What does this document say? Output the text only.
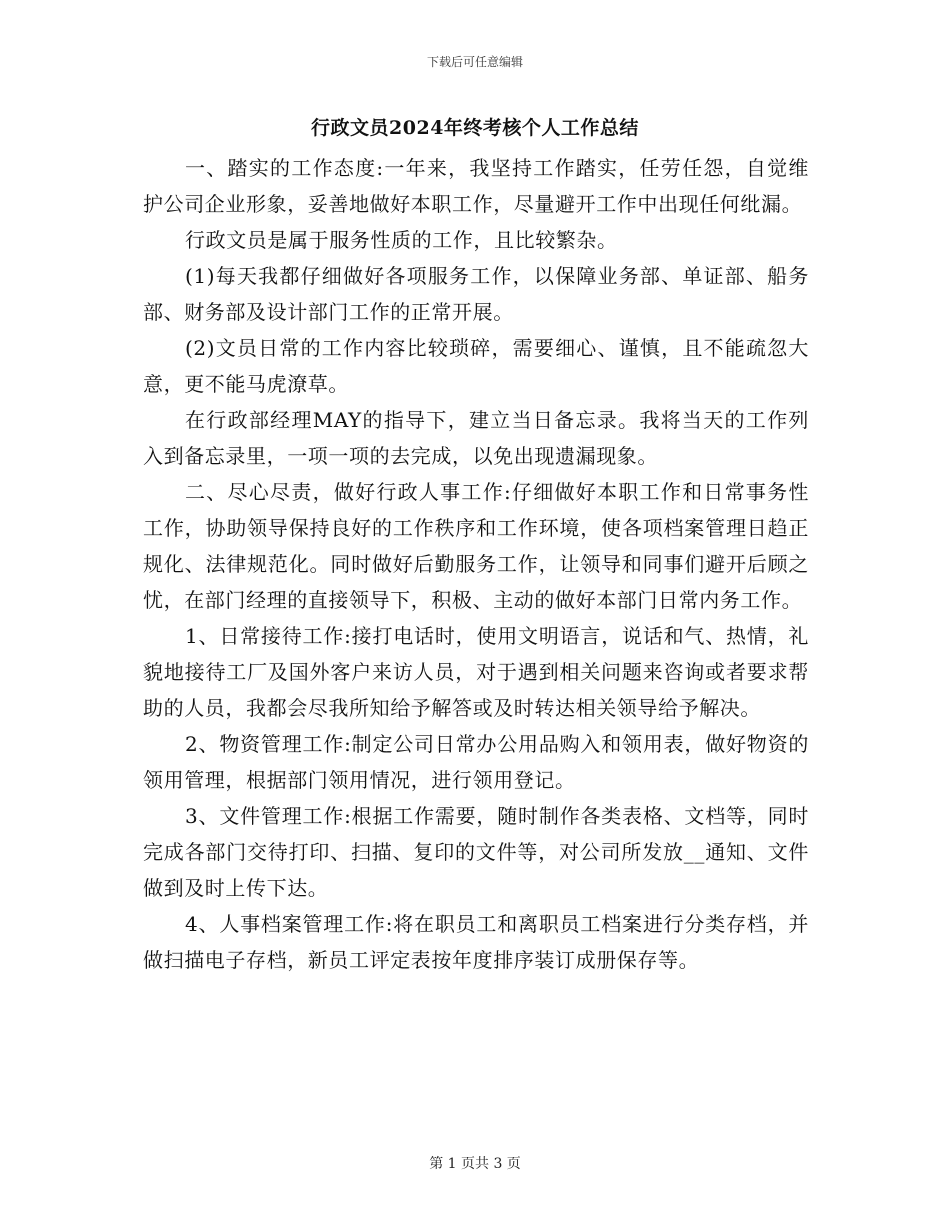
下载后可任意编辑
行政文员2024年终考核个人工作总结

一、踏实的工作态度:一年来，我坚持工作踏实，任劳任怨，自觉维护公司企业形象，妥善地做好本职工作，尽量避开工作中出现任何纰漏。

行政文员是属于服务性质的工作，且比较繁杂。

(1)每天我都仔细做好各项服务工作，以保障业务部、单证部、船务部、财务部及设计部门工作的正常开展。

(2)文员日常的工作内容比较琐碎，需要细心、谨慎，且不能疏忽大意，更不能马虎潦草。

在行政部经理MAY的指导下，建立当日备忘录。我将当天的工作列入到备忘录里，一项一项的去完成，以免出现遗漏现象。

二、尽心尽责，做好行政人事工作:仔细做好本职工作和日常事务性工作，协助领导保持良好的工作秩序和工作环境，使各项档案管理日趋正规化、法律规范化。同时做好后勤服务工作，让领导和同事们避开后顾之忧，在部门经理的直接领导下，积极、主动的做好本部门日常内务工作。

1、日常接待工作:接打电话时，使用文明语言，说话和气、热情，礼貌地接待工厂及国外客户来访人员，对于遇到相关问题来咨询或者要求帮助的人员，我都会尽我所知给予解答或及时转达相关领导给予解决。

2、物资管理工作:制定公司日常办公用品购入和领用表，做好物资的领用管理，根据部门领用情况，进行领用登记。

3、文件管理工作:根据工作需要，随时制作各类表格、文档等，同时完成各部门交待打印、扫描、复印的文件等，对公司所发放__通知、文件做到及时上传下达。

4、人事档案管理工作:将在职员工和离职员工档案进行分类存档，并做扫描电子存档，新员工评定表按年度排序装订成册保存等。

第 1 页共 3 页
